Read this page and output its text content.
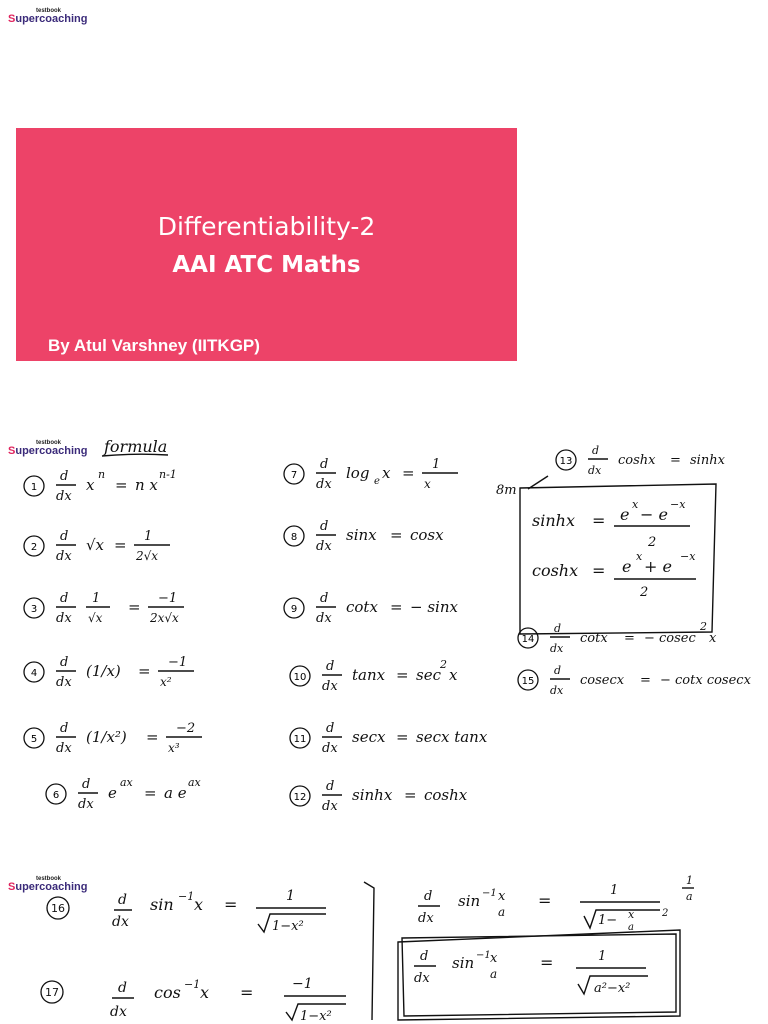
testbook
Supercoaching
Differentiability-2
AAI ATC Maths
By Atul Varshney (IITKGP)
testbook
Supercoaching formula
1
d
dx
x
n
= n x
n-1
2
d
dx
√x = 1
2√x
3
d
dx
1
√x
= −1
2x√x
4
d
dx
(1/x) = −1
x²
5
d
dx
(1/x²) = −2
x³
6
d
dx
e
ax
= a e
ax
7
d
dx
log e x = 1
x
8
d
dx
sinx = cosx
9
d
dx
cotx = − sinx
10
d
dx
tanx = sec
2
x
11
d
dx
secx = secx tanx
12
d
dx
sinhx = coshx
13
d
dx
coshx = sinhx
14
d
dx
cotx = − cosec
2
x
15
d
dx
cosecx = − cotx cosecx
8m
sinhx = e
x
− e
−x
2
coshx = e
x
+ e
−x
2
testbook
Supercoaching
16
d
dx
sin −1 x =	1
1−x²
17	d
dx
cos −1 x =	−1
1−x²
d
dx
sin −1 x
a
=
1
1− x
a
2
1
a
d
dx
sin −1 x
a
=	1
a²−x²
